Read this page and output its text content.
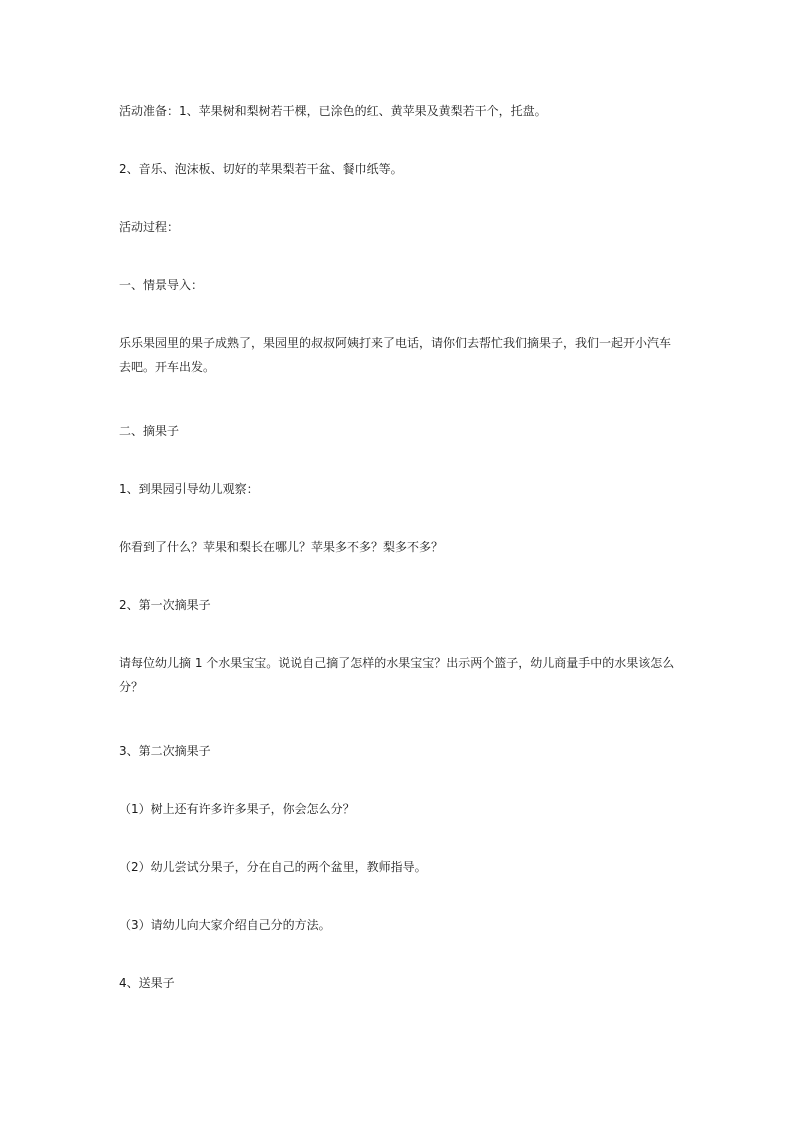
活动准备：1、苹果树和梨树若干棵，已涂色的红、黄苹果及黄梨若干个，托盘。

2、音乐、泡沫板、切好的苹果梨若干盆、餐巾纸等。

活动过程：

一、情景导入：

乐乐果园里的果子成熟了，果园里的叔叔阿姨打来了电话，请你们去帮忙我们摘果子，我们一起开小汽车去吧。开车出发。

二、摘果子

1、到果园引导幼儿观察：

你看到了什么？苹果和梨长在哪儿？苹果多不多？梨多不多？

2、第一次摘果子

请每位幼儿摘 1 个水果宝宝。说说自己摘了怎样的水果宝宝？出示两个篮子，幼儿商量手中的水果该怎么分？

3、第二次摘果子

（1）树上还有许多许多果子，你会怎么分？

（2）幼儿尝试分果子，分在自己的两个盆里，教师指导。

（3）请幼儿向大家介绍自己分的方法。

4、送果子
